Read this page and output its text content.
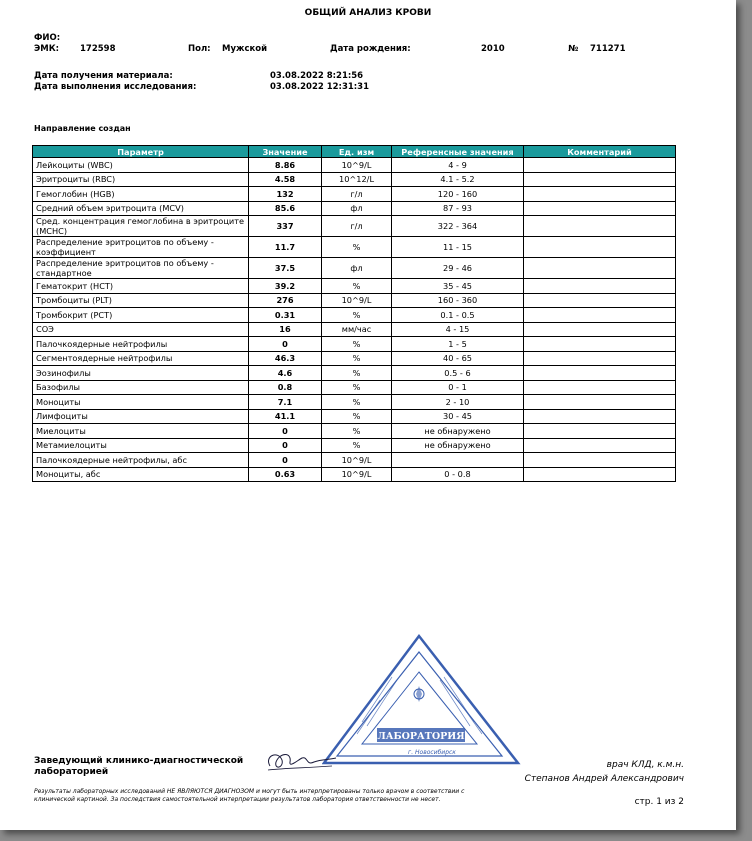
ОБЩИЙ АНАЛИЗ КРОВИ
ФИО:
ЭМК: 172598	Пол: Мужской	Дата рождения:	2010	№ 711271
Дата получения материала:	03.08.2022 8:21:56
Дата выполнения исследования:	03.08.2022 12:31:31
Направление создан
Параметр	Значение	Ед. изм	Референсные значения	Комментарий
Лейкоциты (WBC)	8.86	10^9/L	4 - 9	
Эритроциты (RBC)	4.58	10^12/L	4.1 - 5.2	
Гемоглобин (HGB)	132	г/л	120 - 160	
Средний объем эритроцита (MCV)	85.6	фл	87 - 93	
Сред. концентрация гемоглобина в эритроците (MCHC)	337	г/л	322 - 364	
Распределение эритроцитов по объему - коэффициент	11.7	%	11 - 15	
Распределение эритроцитов по объему - стандартное	37.5	фл	29 - 46	
Гематокрит (HCT)	39.2	%	35 - 45	
Тромбоциты (PLT)	276	10^9/L	160 - 360	
Тромбокрит (PCT)	0.31	%	0.1 - 0.5	
СОЭ	16	мм/час	4 - 15	
Палочкоядерные нейтрофилы	0	%	1 - 5	
Сегментоядерные нейтрофилы	46.3	%	40 - 65	
Эозинофилы	4.6	%	0.5 - 6	
Базофилы	0.8	%	0 - 1	
Моноциты	7.1	%	2 - 10	
Лимфоциты	41.1	%	30 - 45	
Миелоциты	0	%	не обнаружено	
Метамиелоциты	0	%	не обнаружено	
Палочкоядерные нейтрофилы, абс	0	10^9/L		
Моноциты, абс	0.63	10^9/L	0 - 0.8	
ЛАБОРАТОРИЯ
г. Новосибирск
Заведующий клинико-диагностической
лабораторией
врач КЛД, к.м.н.
Степанов Андрей Александрович
Результаты лабораторных исследований НЕ ЯВЛЯЮТСЯ ДИАГНОЗОМ и могут быть интерпретированы только врачом в соответствии с
клинической картиной. За последствия самостоятельной интерпретации результатов лаборатория ответственности не несет.	стр. 1 из 2
